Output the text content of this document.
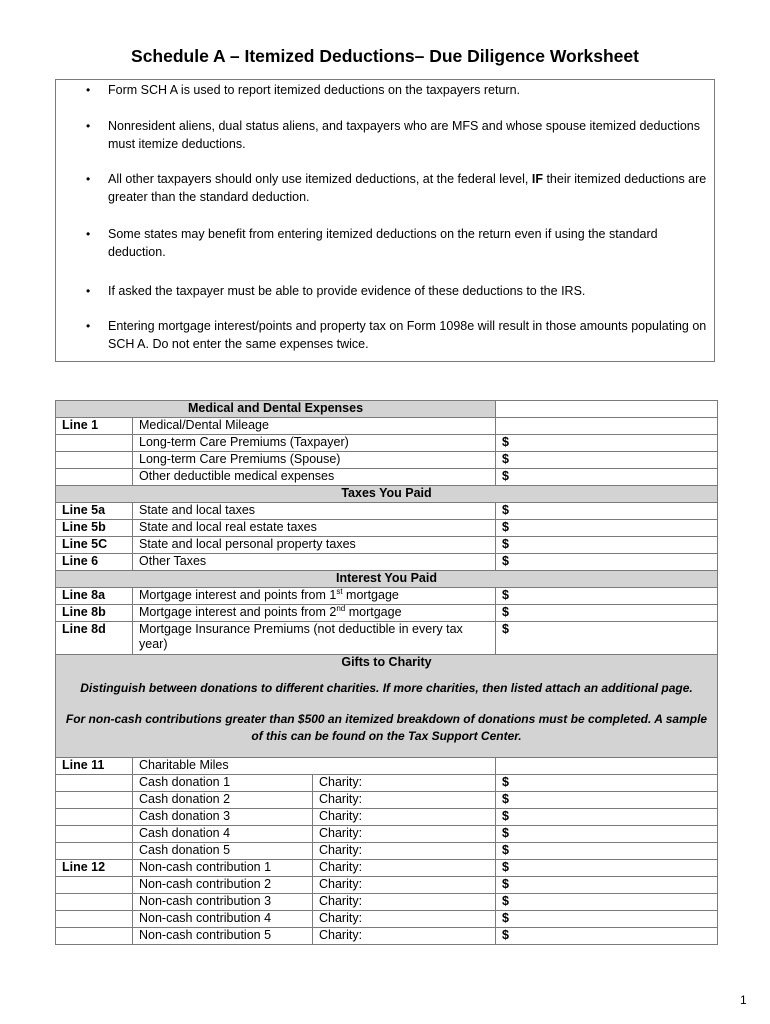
Schedule A – Itemized Deductions– Due Diligence Worksheet
• Form SCH A is used to report itemized deductions on the taxpayers return.
• Nonresident aliens, dual status aliens, and taxpayers who are MFS and whose spouse itemized deductions must itemize deductions.
• All other taxpayers should only use itemized deductions, at the federal level, IF their itemized deductions are greater than the standard deduction.
• Some states may benefit from entering itemized deductions on the return even if using the standard deduction.
• If asked the taxpayer must be able to provide evidence of these deductions to the IRS.
• Entering mortgage interest/points and property tax on Form 1098e will result in those amounts populating on SCH A. Do not enter the same expenses twice.
Medical and Dental Expenses			
Line 1	Medical/Dental Mileage		
	Long-term Care Premiums (Taxpayer)		$
	Long-term Care Premiums (Spouse)		$
	Other deductible medical expenses		$
Taxes You Paid			
Line 5a	State and local taxes		$
Line 5b	State and local real estate taxes		$
Line 5C	State and local personal property taxes		$
Line 6	Other Taxes		$
Interest You Paid			
Line 8a	Mortgage interest and points from 1st mortgage		$
Line 8b	Mortgage interest and points from 2nd mortgage		$
Line 8d	Mortgage Insurance Premiums (not deductible in every tax year)		$
Gifts to Charity			

Distinguish between donations to different charities. If more charities, then listed attach an additional page.

For non-cash contributions greater than $500 an itemized breakdown of donations must be completed. A sample of this can be found on the Tax Support Center.			

Line 11	Charitable Miles		
	Cash donation 1	Charity:	$
	Cash donation 2	Charity:	$
	Cash donation 3	Charity:	$
	Cash donation 4	Charity:	$
	Cash donation 5	Charity:	$
Line 12	Non-cash contribution 1	Charity:	$
	Non-cash contribution 2	Charity:	$
	Non-cash contribution 3	Charity:	$
	Non-cash contribution 4	Charity:	$
	Non-cash contribution 5	Charity:	$
1
